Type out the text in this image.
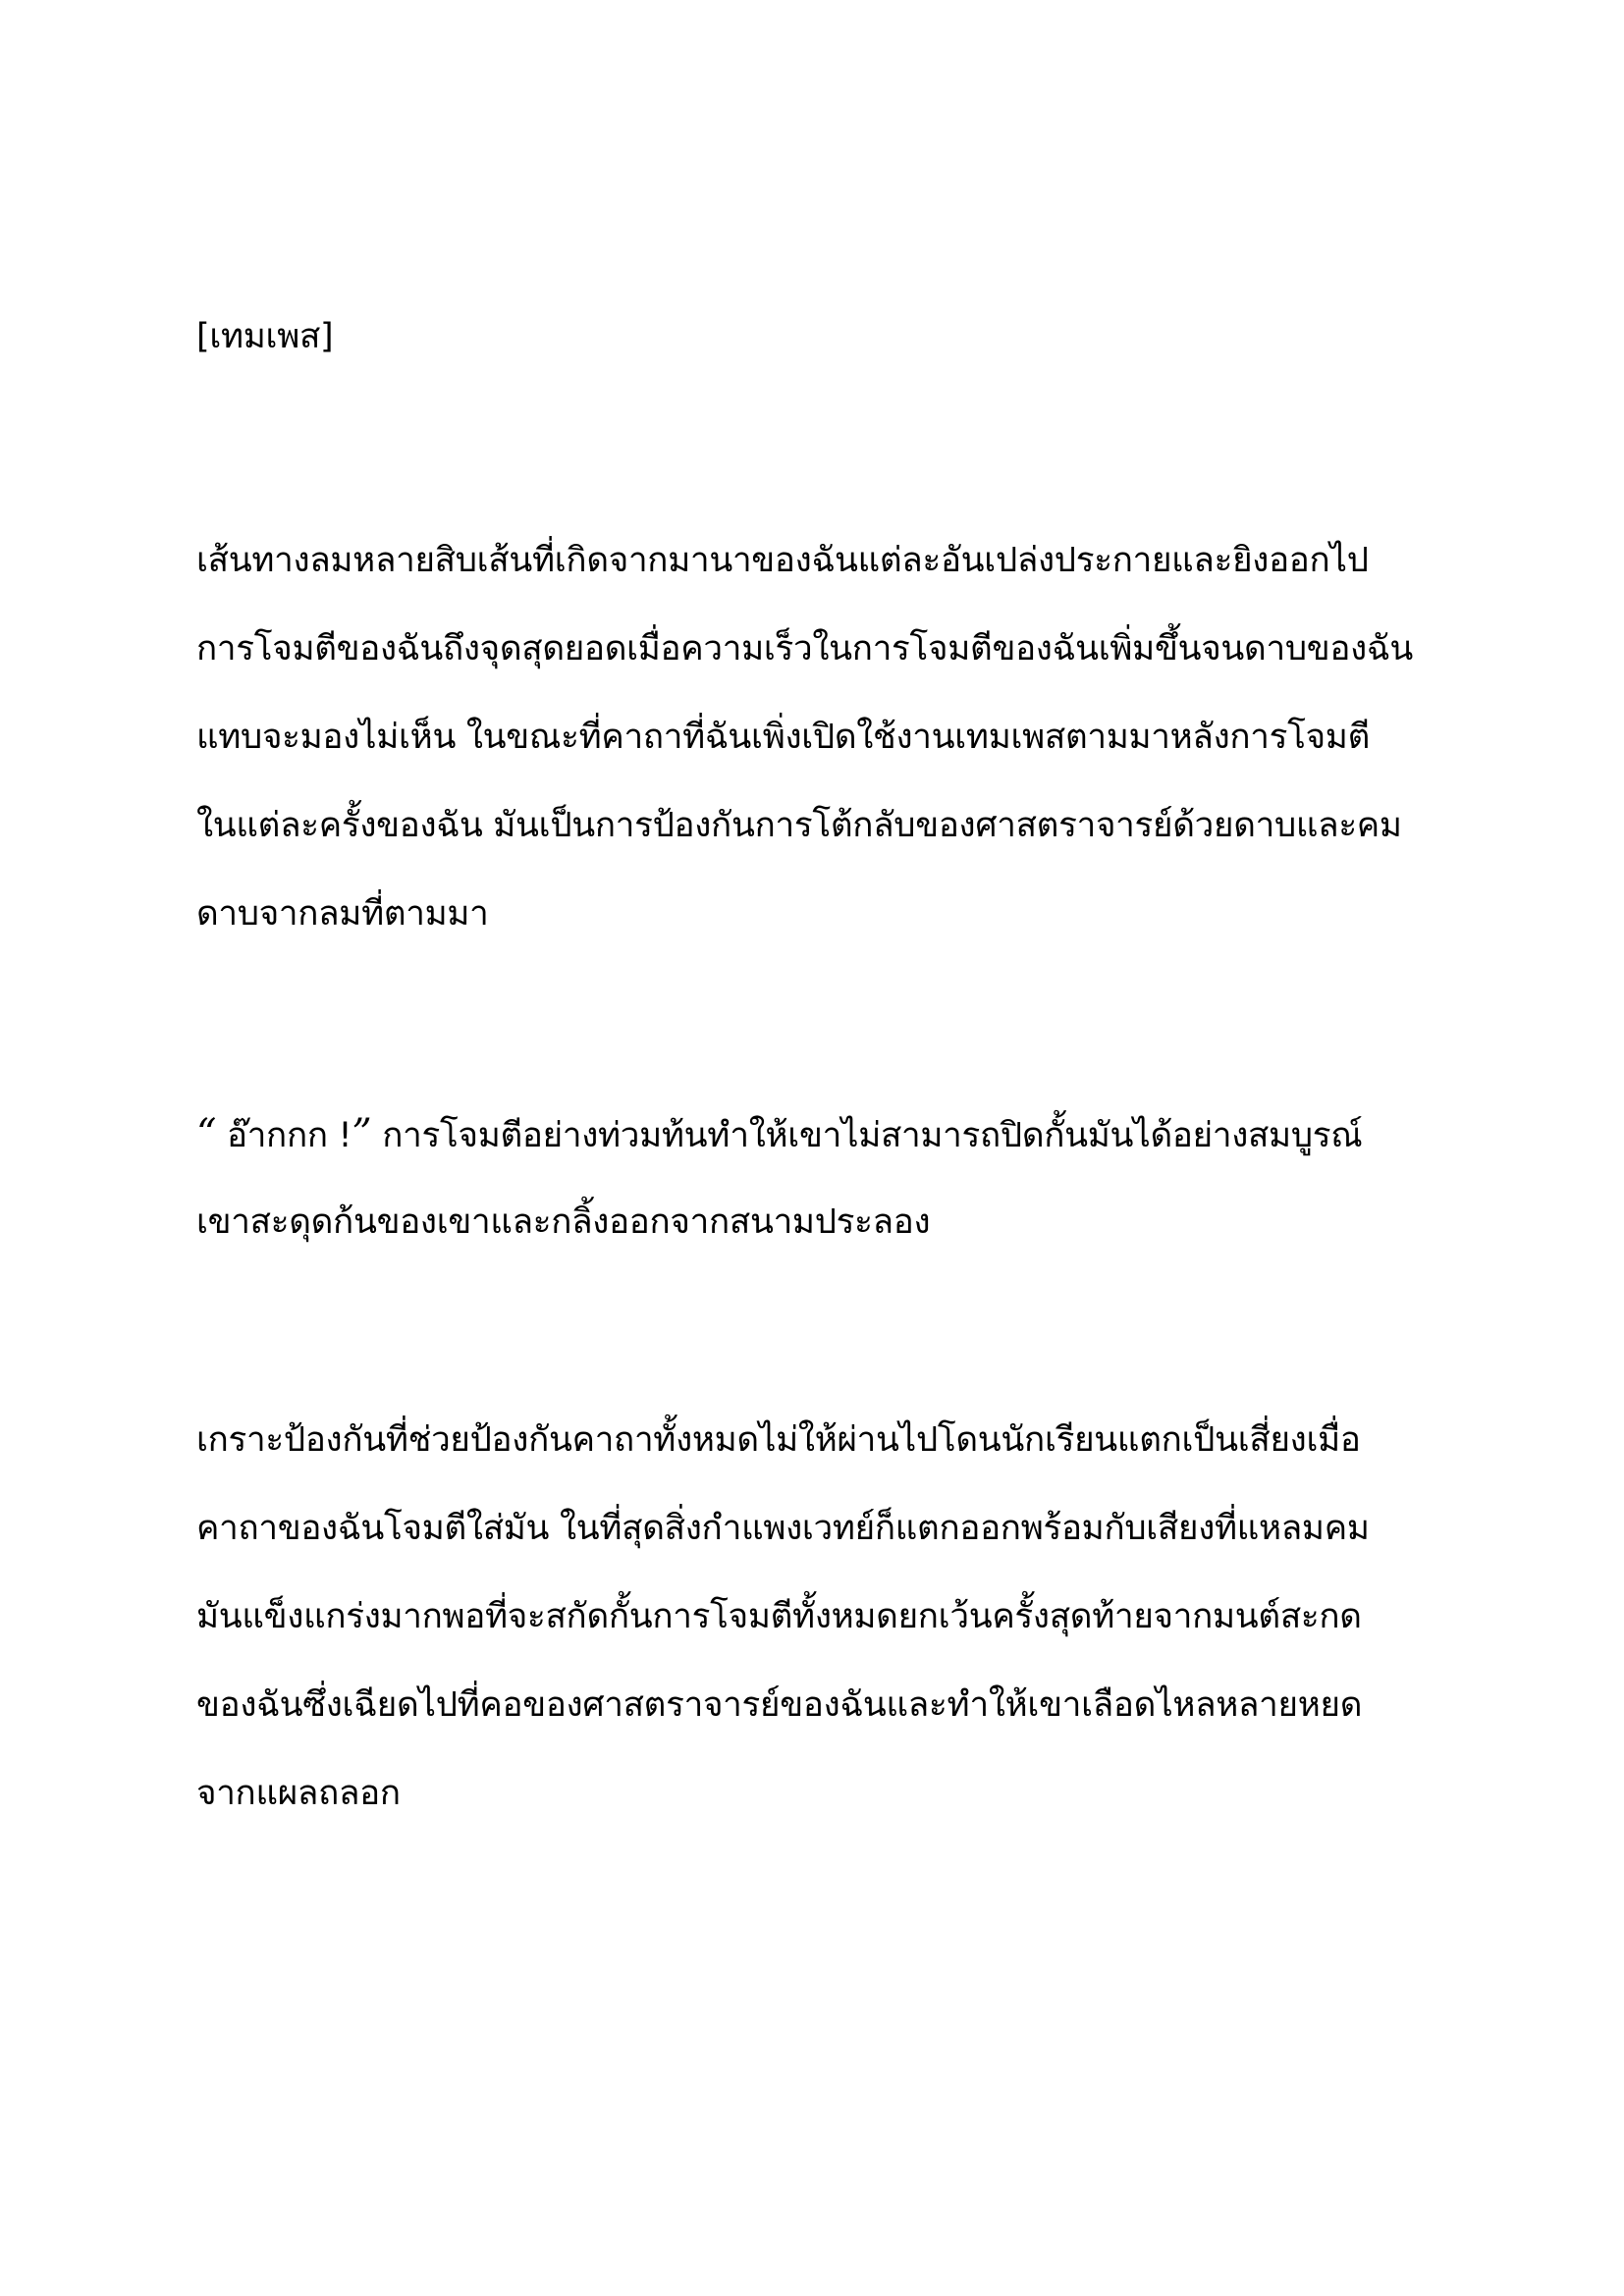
[เทมเพส]
เส้นทางลมหลายสิบเส้นที่เกิดจากมานาของฉันแต่ละอันเปล่งประกายและยิงออกไป
การโจมตีของฉันถึงจุดสุดยอดเมื่อความเร็วในการโจมตีของฉันเพิ่มขึ้นจนดาบของฉัน
แทบจะมองไม่เห็น ในขณะที่คาถาที่ฉันเพิ่งเปิดใช้งานเทมเพสตามมาหลังการโจมตี
ในแต่ละครั้งของฉัน มันเป็นการป้องกันการโต้กลับของศาสตราจารย์ด้วยดาบและคม
ดาบจากลมที่ตามมา
“ อ๊ากกก !” การโจมตีอย่างท่วมท้นทำให้เขาไม่สามารถปิดกั้นมันได้อย่างสมบูรณ์
เขาสะดุดก้นของเขาและกลิ้งออกจากสนามประลอง
เกราะป้องกันที่ช่วยป้องกันคาถาทั้งหมดไม่ให้ผ่านไปโดนนักเรียนแตกเป็นเสี่ยงเมื่อ
คาถาของฉันโจมตีใส่มัน ในที่สุดสิ่งกำแพงเวทย์ก็แตกออกพร้อมกับเสียงที่แหลมคม
มันแข็งแกร่งมากพอที่จะสกัดกั้นการโจมตีทั้งหมดยกเว้นครั้งสุดท้ายจากมนต์สะกด
ของฉันซึ่งเฉียดไปที่คอของศาสตราจารย์ของฉันและทำให้เขาเลือดไหลหลายหยด
จากแผลถลอก
